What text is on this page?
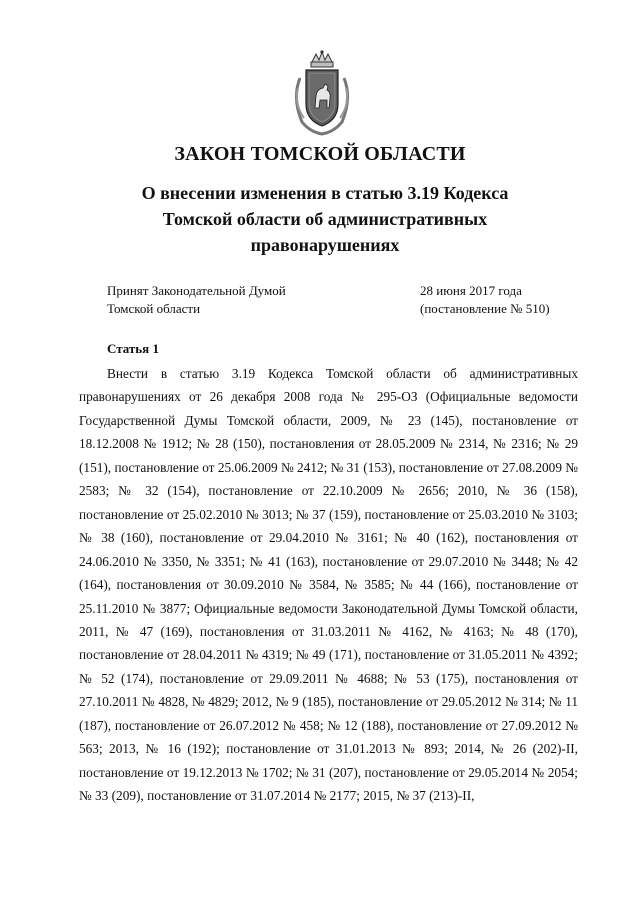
ЗАКОН ТОМСКОЙ ОБЛАСТИ
О внесении изменения в статью 3.19 Кодекса Томской области об административных правонарушениях
Принят Законодательной Думой
Томской области
28 июня 2017 года
(постановление № 510)
Статья 1

Внести в статью 3.19 Кодекса Томской области об административных правонарушениях от 26 декабря 2008 года № 295-ОЗ (Официальные ведомости Государственной Думы Томской области, 2009, № 23 (145), постановление от 18.12.2008 № 1912; № 28 (150), постановления от 28.05.2009 № 2314, № 2316; № 29 (151), постановление от 25.06.2009 № 2412; № 31 (153), постановление от 27.08.2009 № 2583; № 32 (154), постановление от 22.10.2009 № 2656; 2010, № 36 (158), постановление от 25.02.2010 № 3013; № 37 (159), постановление от 25.03.2010 № 3103; № 38 (160), постановление от 29.04.2010 № 3161; № 40 (162), постановления от 24.06.2010 № 3350, № 3351; № 41 (163), постановление от 29.07.2010 № 3448; № 42 (164), постановления от 30.09.2010 № 3584, № 3585; № 44 (166), постановление от 25.11.2010 № 3877; Официальные ведомости Законодательной Думы Томской области, 2011, № 47 (169), постановления от 31.03.2011 № 4162, № 4163; № 48 (170), постановление от 28.04.2011 № 4319; № 49 (171), постановление от 31.05.2011 № 4392; № 52 (174), постановление от 29.09.2011 № 4688; № 53 (175), постановления от 27.10.2011 № 4828, № 4829; 2012, № 9 (185), постановление от 29.05.2012 № 314; № 11 (187), постановление от 26.07.2012 № 458; № 12 (188), постановление от 27.09.2012 № 563; 2013, № 16 (192); постановление от 31.01.2013 № 893; 2014, № 26 (202)-II, постановление от 19.12.2013 № 1702; № 31 (207), постановление от 29.05.2014 № 2054; № 33 (209), постановление от 31.07.2014 № 2177; 2015, № 37 (213)-II,
